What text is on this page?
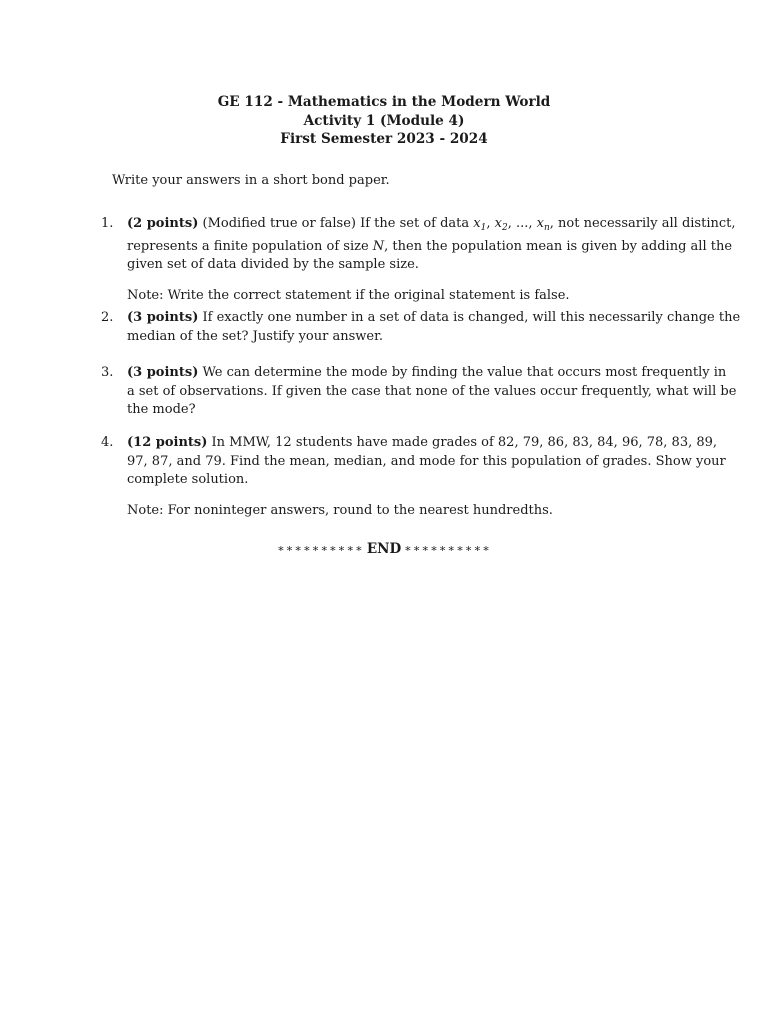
GE 112 - Mathematics in the Modern World
Activity 1 (Module 4)
First Semester 2023 - 2024
Write your answers in a short bond paper.
1.	(2 points) (Modified true or false) If the set of data $x_1$, $x_2$, ..., $x_n$, not necessarily all distinct,
represents a finite population of size N, then the population mean is given by adding all the
given set of data divided by the sample size.
Note: Write the correct statement if the original statement is false.
2.	(3 points) If exactly one number in a set of data is changed, will this necessarily change the
median of the set? Justify your answer.
3.	(3 points) We can determine the mode by finding the value that occurs most frequently in
a set of observations. If given the case that none of the values occur frequently, what will be
the mode?
4.	(12 points) In MMW, 12 students have made grades of 82, 79, 86, 83, 84, 96, 78, 83, 89,
97, 87, and 79. Find the mean, median, and mode for this population of grades. Show your
complete solution.
Note: For noninteger answers, round to the nearest hundredths.
∗∗∗∗∗∗∗∗∗∗ END ∗∗∗∗∗∗∗∗∗∗
